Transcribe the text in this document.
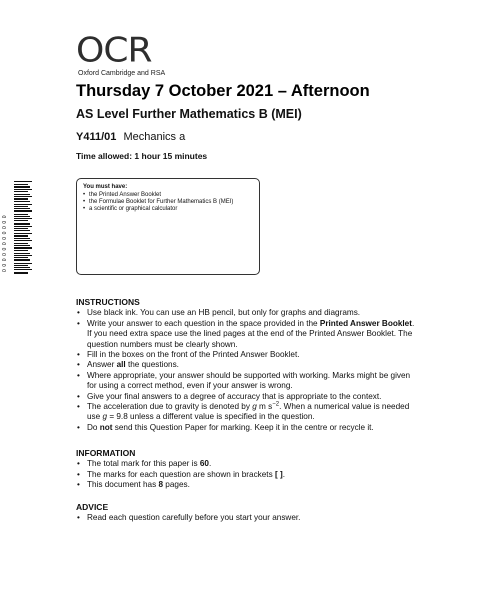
OCR
Oxford Cambridge and RSA
Thursday 7 October 2021 – Afternoon
AS Level Further Mathematics B (MEI)
Y411/01 Mechanics a
Time allowed: 1 hour 15 minutes
0 0 0 0 0 0 0 0 0 0 0
You must have:
• the Printed Answer Booklet
• the Formulae Booklet for Further Mathematics B (MEI)
• a scientific or graphical calculator
INSTRUCTIONS
• Use black ink. You can use an HB pencil, but only for graphs and diagrams.
• Write your answer to each question in the space provided in the Printed Answer Booklet. If you need extra space use the lined pages at the end of the Printed Answer Booklet. The question numbers must be clearly shown.
• Fill in the boxes on the front of the Printed Answer Booklet.
• Answer all the questions.
• Where appropriate, your answer should be supported with working. Marks might be given for using a correct method, even if your answer is wrong.
• Give your final answers to a degree of accuracy that is appropriate to the context.
• The acceleration due to gravity is denoted by g m $s^{-2}$. When a numerical value is needed use g = 9.8 unless a different value is specified in the question.
• Do not send this Question Paper for marking. Keep it in the centre or recycle it.
INFORMATION
• The total mark for this paper is 60.
• The marks for each question are shown in brackets [ ].
• This document has 8 pages.
ADVICE
• Read each question carefully before you start your answer.
